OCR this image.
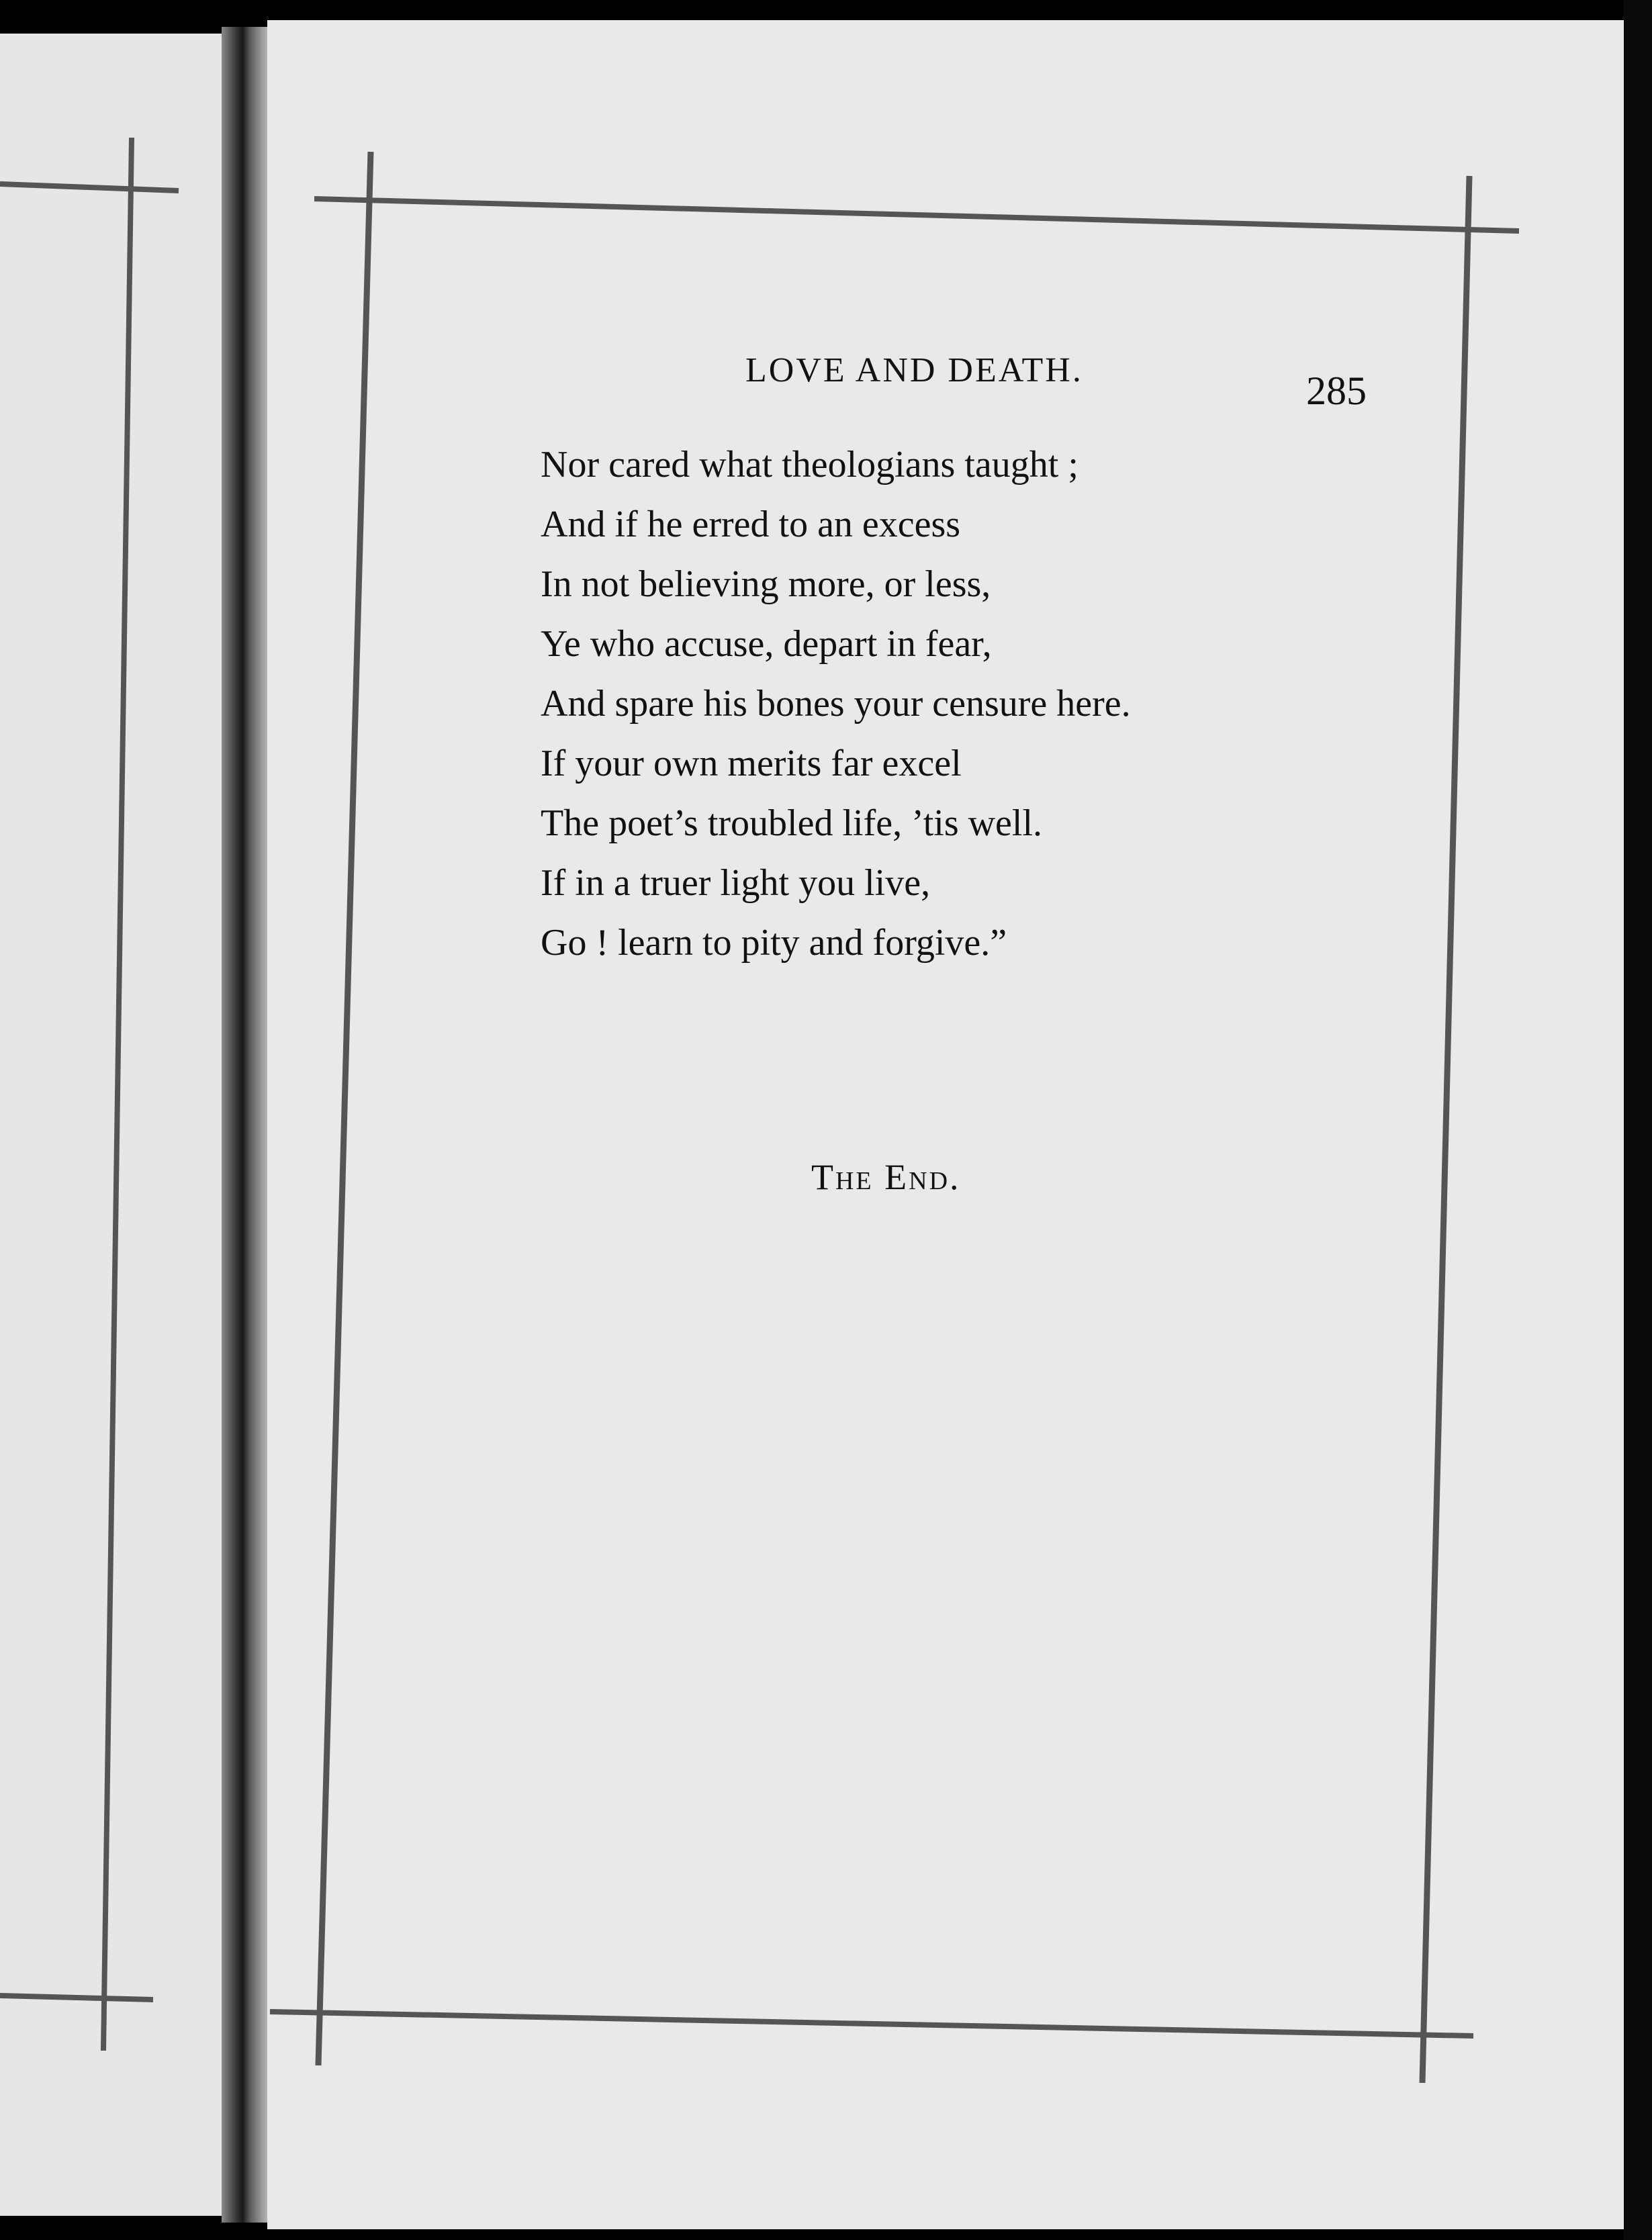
LOVE AND DEATH.	285
Nor cared what theologians taught ;
And if he erred to an excess
In not believing more, or less,
Ye who accuse, depart in fear,
And spare his bones your censure here.
If your own merits far excel
The poet’s troubled life, ’tis well.
If in a truer light you live,
Go ! learn to pity and forgive.”
The End.
